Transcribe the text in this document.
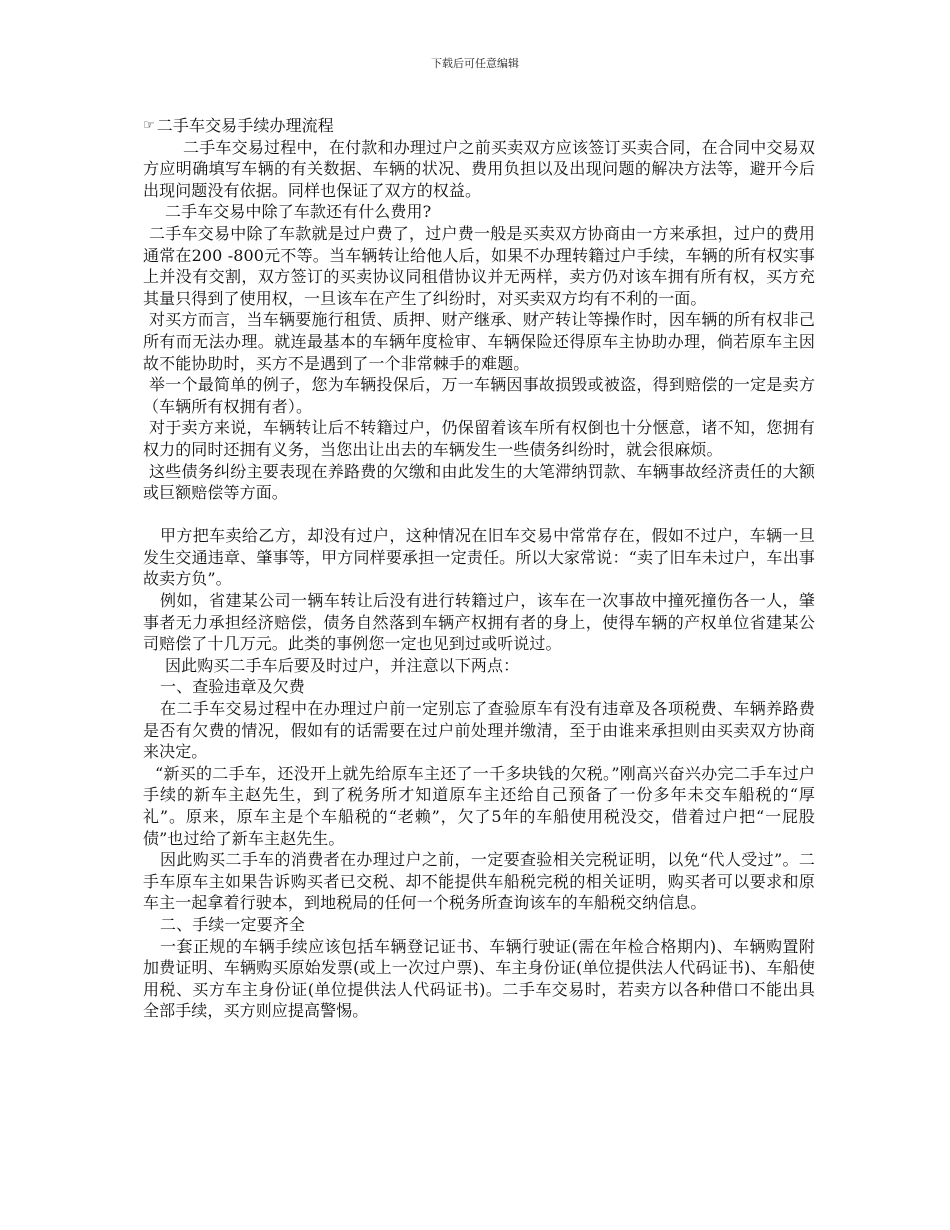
下载后可任意编辑
☞ 二手车交易手续办理流程

二手车交易过程中，在付款和办理过户之前买卖双方应该签订买卖合同，在合同中交易双方应明确填写车辆的有关数据、车辆的状况、费用负担以及出现问题的解决方法等，避开今后出现问题没有依据。同样也保证了双方的权益。

二手车交易中除了车款还有什么费用?

二手车交易中除了车款就是过户费了，过户费一般是买卖双方协商由一方来承担，过户的费用通常在200 -800元不等。当车辆转让给他人后，如果不办理转籍过户手续，车辆的所有权实事上并没有交割，双方签订的买卖协议同租借协议并无两样，卖方仍对该车拥有所有权，买方充其量只得到了使用权，一旦该车在产生了纠纷时，对买卖双方均有不利的一面。

对买方而言，当车辆要施行租赁、质押、财产继承、财产转让等操作时，因车辆的所有权非己所有而无法办理。就连最基本的车辆年度检审、车辆保险还得原车主协助办理，倘若原车主因故不能协助时，买方不是遇到了一个非常棘手的难题。

举一个最简单的例子，您为车辆投保后，万一车辆因事故损毁或被盗，得到赔偿的一定是卖方（车辆所有权拥有者）。

对于卖方来说，车辆转让后不转籍过户，仍保留着该车所有权倒也十分惬意，诸不知，您拥有权力的同时还拥有义务，当您出让出去的车辆发生一些债务纠纷时，就会很麻烦。

这些债务纠纷主要表现在养路费的欠缴和由此发生的大笔滞纳罚款、车辆事故经济责任的大额或巨额赔偿等方面。

甲方把车卖给乙方，却没有过户，这种情况在旧车交易中常常存在，假如不过户，车辆一旦发生交通违章、肇事等，甲方同样要承担一定责任。所以大家常说：“卖了旧车未过户，车出事故卖方负”。

例如，省建某公司一辆车转让后没有进行转籍过户，该车在一次事故中撞死撞伤各一人，肇事者无力承担经济赔偿，债务自然落到车辆产权拥有者的身上，使得车辆的产权单位省建某公司赔偿了十几万元。此类的事例您一定也见到过或听说过。

因此购买二手车后要及时过户，并注意以下两点：

一、查验违章及欠费

在二手车交易过程中在办理过户前一定别忘了查验原车有没有违章及各项税费、车辆养路费是否有欠费的情况，假如有的话需要在过户前处理并缴清，至于由谁来承担则由买卖双方协商来决定。

“新买的二手车，还没开上就先给原车主还了一千多块钱的欠税。”刚高兴奋兴办完二手车过户手续的新车主赵先生，到了税务所才知道原车主还给自己预备了一份多年未交车船税的“厚礼”。原来，原车主是个车船税的“老赖”，欠了5年的车船使用税没交，借着过户把“一屁股债”也过给了新车主赵先生。

因此购买二手车的消费者在办理过户之前，一定要查验相关完税证明，以免“代人受过”。二手车原车主如果告诉购买者已交税、却不能提供车船税完税的相关证明，购买者可以要求和原车主一起拿着行驶本，到地税局的任何一个税务所查询该车的车船税交纳信息。

二、手续一定要齐全

一套正规的车辆手续应该包括车辆登记证书、车辆行驶证(需在年检合格期内)、车辆购置附加费证明、车辆购买原始发票(或上一次过户票)、车主身份证(单位提供法人代码证书)、车船使用税、买方车主身份证(单位提供法人代码证书)。二手车交易时，若卖方以各种借口不能出具全部手续，买方则应提高警惕。
